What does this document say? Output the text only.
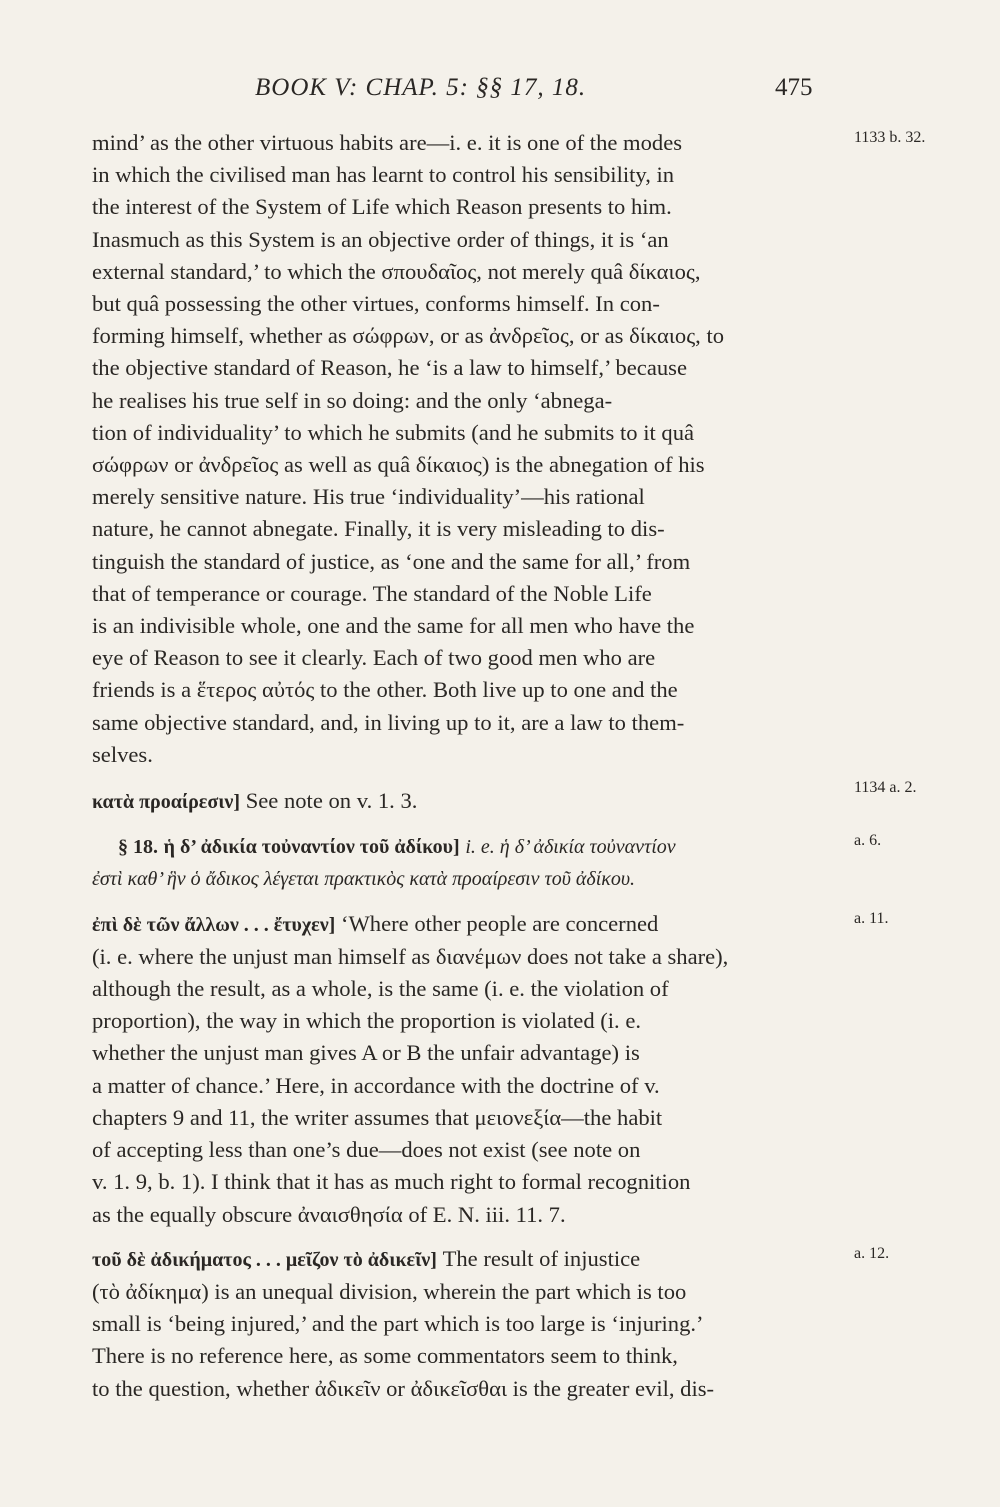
BOOK V: CHAP. 5: §§ 17, 18.	475
1133 b. 32.

mind’ as the other virtuous habits are—i. e. it is one of the modes
in which the civilised man has learnt to control his sensibility, in
the interest of the System of Life which Reason presents to him.
Inasmuch as this System is an objective order of things, it is ‘an
external standard,’ to which the σπουδαῖος, not merely quâ δίκαιος,
but quâ possessing the other virtues, conforms himself. In con-
forming himself, whether as σώφρων, or as ἀνδρεῖος, or as δίκαιος, to
the objective standard of Reason, he ‘is a law to himself,’ because
he realises his true self in so doing: and the only ‘abnega-
tion of individuality’ to which he submits (and he submits to it quâ
σώφρων or ἀνδρεῖος as well as quâ δίκαιος) is the abnegation of his
merely sensitive nature. His true ‘individuality’—his rational
nature, he cannot abnegate. Finally, it is very misleading to dis-
tinguish the standard of justice, as ‘one and the same for all,’ from
that of temperance or courage. The standard of the Noble Life
is an indivisible whole, one and the same for all men who have the
eye of Reason to see it clearly. Each of two good men who are
friends is a ἕτερος αὐτός to the other. Both live up to one and the
same objective standard, and, in living up to it, are a law to them-
selves.

1134 a. 2.

κατὰ προαίρεσιν] See note on v. 1. 3.

a. 6.

§ 18. ἡ δ’ ἀδικία τοὐναντίον τοῦ ἀδίκου] i. e. ἡ δ’ ἀδικία τοὐναντίον
ἐστὶ καθ’ ἣν ὁ ἄδικος λέγεται πρακτικὸς κατὰ προαίρεσιν τοῦ ἀδίκου.

a. 11.

ἐπὶ δὲ τῶν ἄλλων . . . ἔτυχεν] ‘Where other people are concerned
(i. e. where the unjust man himself as διανέμων does not take a share),
although the result, as a whole, is the same (i. e. the violation of
proportion), the way in which the proportion is violated (i. e.
whether the unjust man gives A or B the unfair advantage) is
a matter of chance.’ Here, in accordance with the doctrine of v.
chapters 9 and 11, the writer assumes that μειονεξία—the habit
of accepting less than one’s due—does not exist (see note on
v. 1. 9, b. 1). I think that it has as much right to formal recognition
as the equally obscure ἀναισθησία of E. N. iii. 11. 7.

a. 12.

τοῦ δὲ ἀδικήματος . . . μεῖζον τὸ ἀδικεῖν] The result of injustice
(τὸ ἀδίκημα) is an unequal division, wherein the part which is too
small is ‘being injured,’ and the part which is too large is ‘injuring.’
There is no reference here, as some commentators seem to think,
to the question, whether ἀδικεῖν or ἀδικεῖσθαι is the greater evil, dis-
